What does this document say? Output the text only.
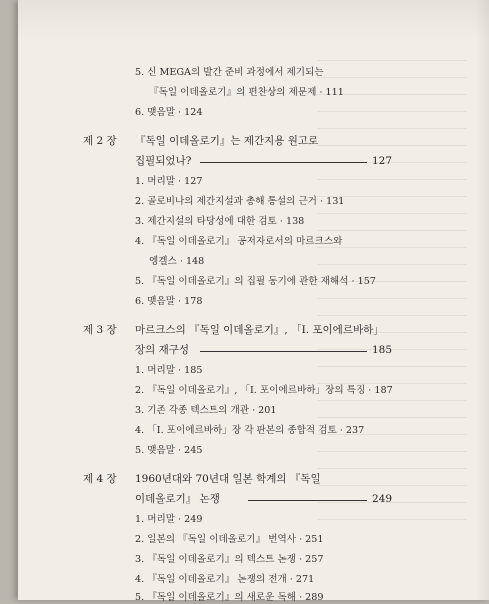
5. 신 MEGA의 발간 준비 과정에서 제기되는
『독일 이데올로기』의 편찬상의 제문제 · 111
6. 맺음말 · 124
제 2 장 『독일 이데올로기』는 제간지용 원고로
집필되었나?	127
1. 머리말 · 127
2. 골로비나의 제간지설과 총해 통설의 근거 · 131
3. 제간지설의 타당성에 대한 검토 · 138
4. 『독일 이데올로기』 공저자로서의 마르크스와
엥겔스 · 148
5. 『독일 이데올로기』의 집필 동기에 관한 재해석 · 157
6. 맺음말 · 178
제 3 장 마르크스의 『독일 이데올로기』, 「I. 포이에르바하」
장의 재구성	185
1. 머리말 · 185
2. 『독일 이데올로기』, 「I. 포이에르바하」장의 특징 · 187
3. 기존 각종 텍스트의 개관 · 201
4. 「I. 포이에르바하」장 각 판본의 종합적 검토 · 237
5. 맺음말 · 245
제 4 장 1960년대와 70년대 일본 학계의 『독일
이데올로기』 논쟁	249
1. 머리말 · 249
2. 일본의 『독일 이데올로기』 번역사 · 251
3. 『독일 이데올로기』의 텍스트 논쟁 · 257
4. 『독일 이데올로기』 논쟁의 전개 · 271
5. 『독일 이데올로기』의 새로운 독해 · 289
